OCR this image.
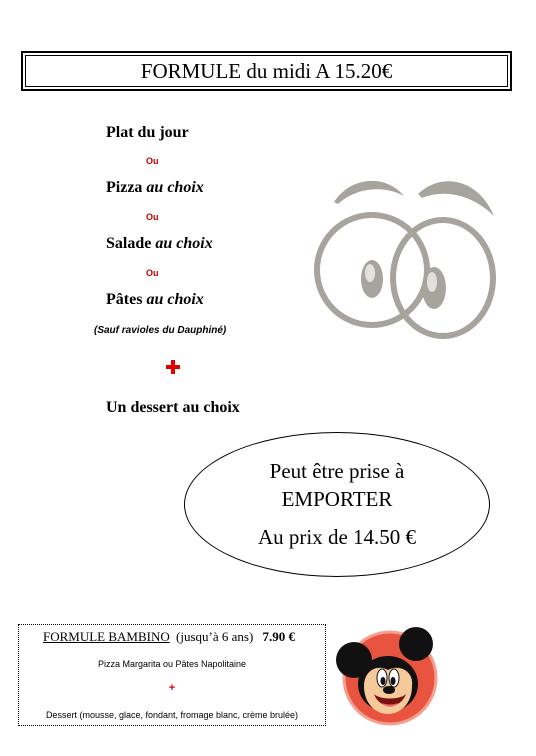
FORMULE du midi A 15.20€
Plat du jour
Ou
Pizza au choix
Ou
Salade au choix
Ou
Pâtes au choix
(Sauf ravioles du Dauphiné)
Un dessert au choix
Peut être prise à
EMPORTER
Au prix de 14.50 €
FORMULE BAMBINO (jusqu’à 6 ans) 7.90 €
Pizza Margarita ou Pâtes Napolitaine
+
Dessert (mousse, glace, fondant, fromage blanc, crème brulée)
